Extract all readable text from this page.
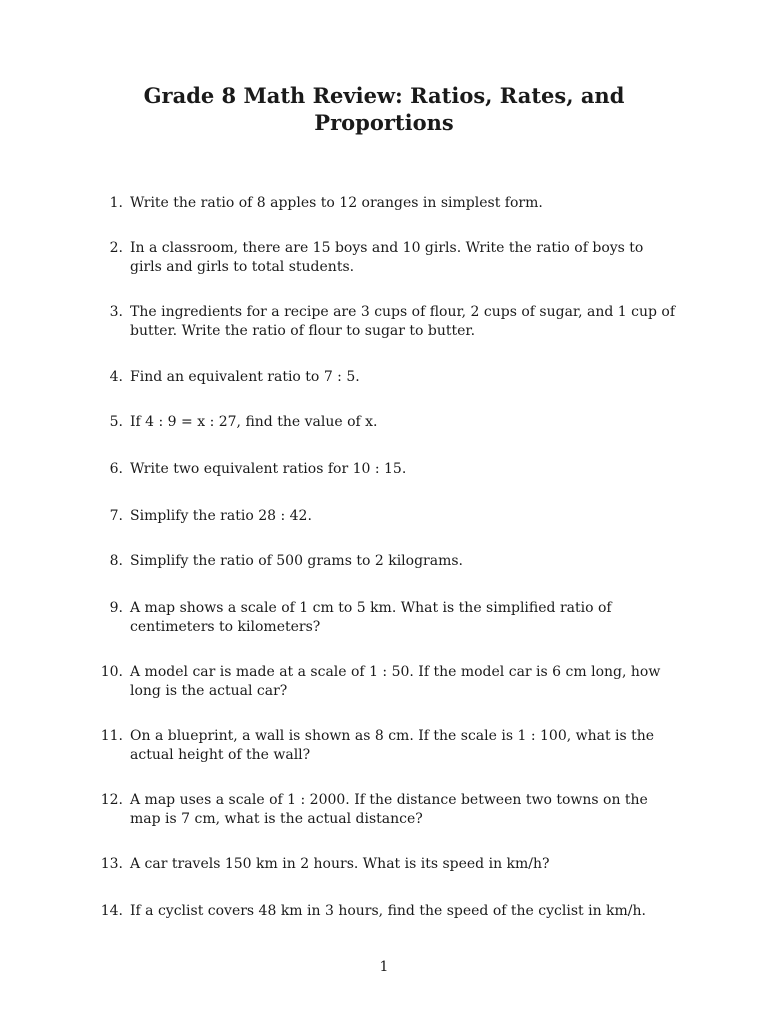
Grade 8 Math Review: Ratios, Rates, and
Proportions
1. Write the ratio of 8 apples to 12 oranges in simplest form.
2. In a classroom, there are 15 boys and 10 girls. Write the ratio of boys to girls and girls to total students.
3. The ingredients for a recipe are 3 cups of flour, 2 cups of sugar, and 1 cup of butter. Write the ratio of flour to sugar to butter.
4. Find an equivalent ratio to 7 : 5.
5. If 4 : 9 = x : 27, find the value of x.
6. Write two equivalent ratios for 10 : 15.
7. Simplify the ratio 28 : 42.
8. Simplify the ratio of 500 grams to 2 kilograms.
9. A map shows a scale of 1 cm to 5 km. What is the simplified ratio of centimeters to kilometers?
10. A model car is made at a scale of 1 : 50. If the model car is 6 cm long, how long is the actual car?
11. On a blueprint, a wall is shown as 8 cm. If the scale is 1 : 100, what is the actual height of the wall?
12. A map uses a scale of 1 : 2000. If the distance between two towns on the map is 7 cm, what is the actual distance?
13. A car travels 150 km in 2 hours. What is its speed in km/h?
14. If a cyclist covers 48 km in 3 hours, find the speed of the cyclist in km/h.
1
